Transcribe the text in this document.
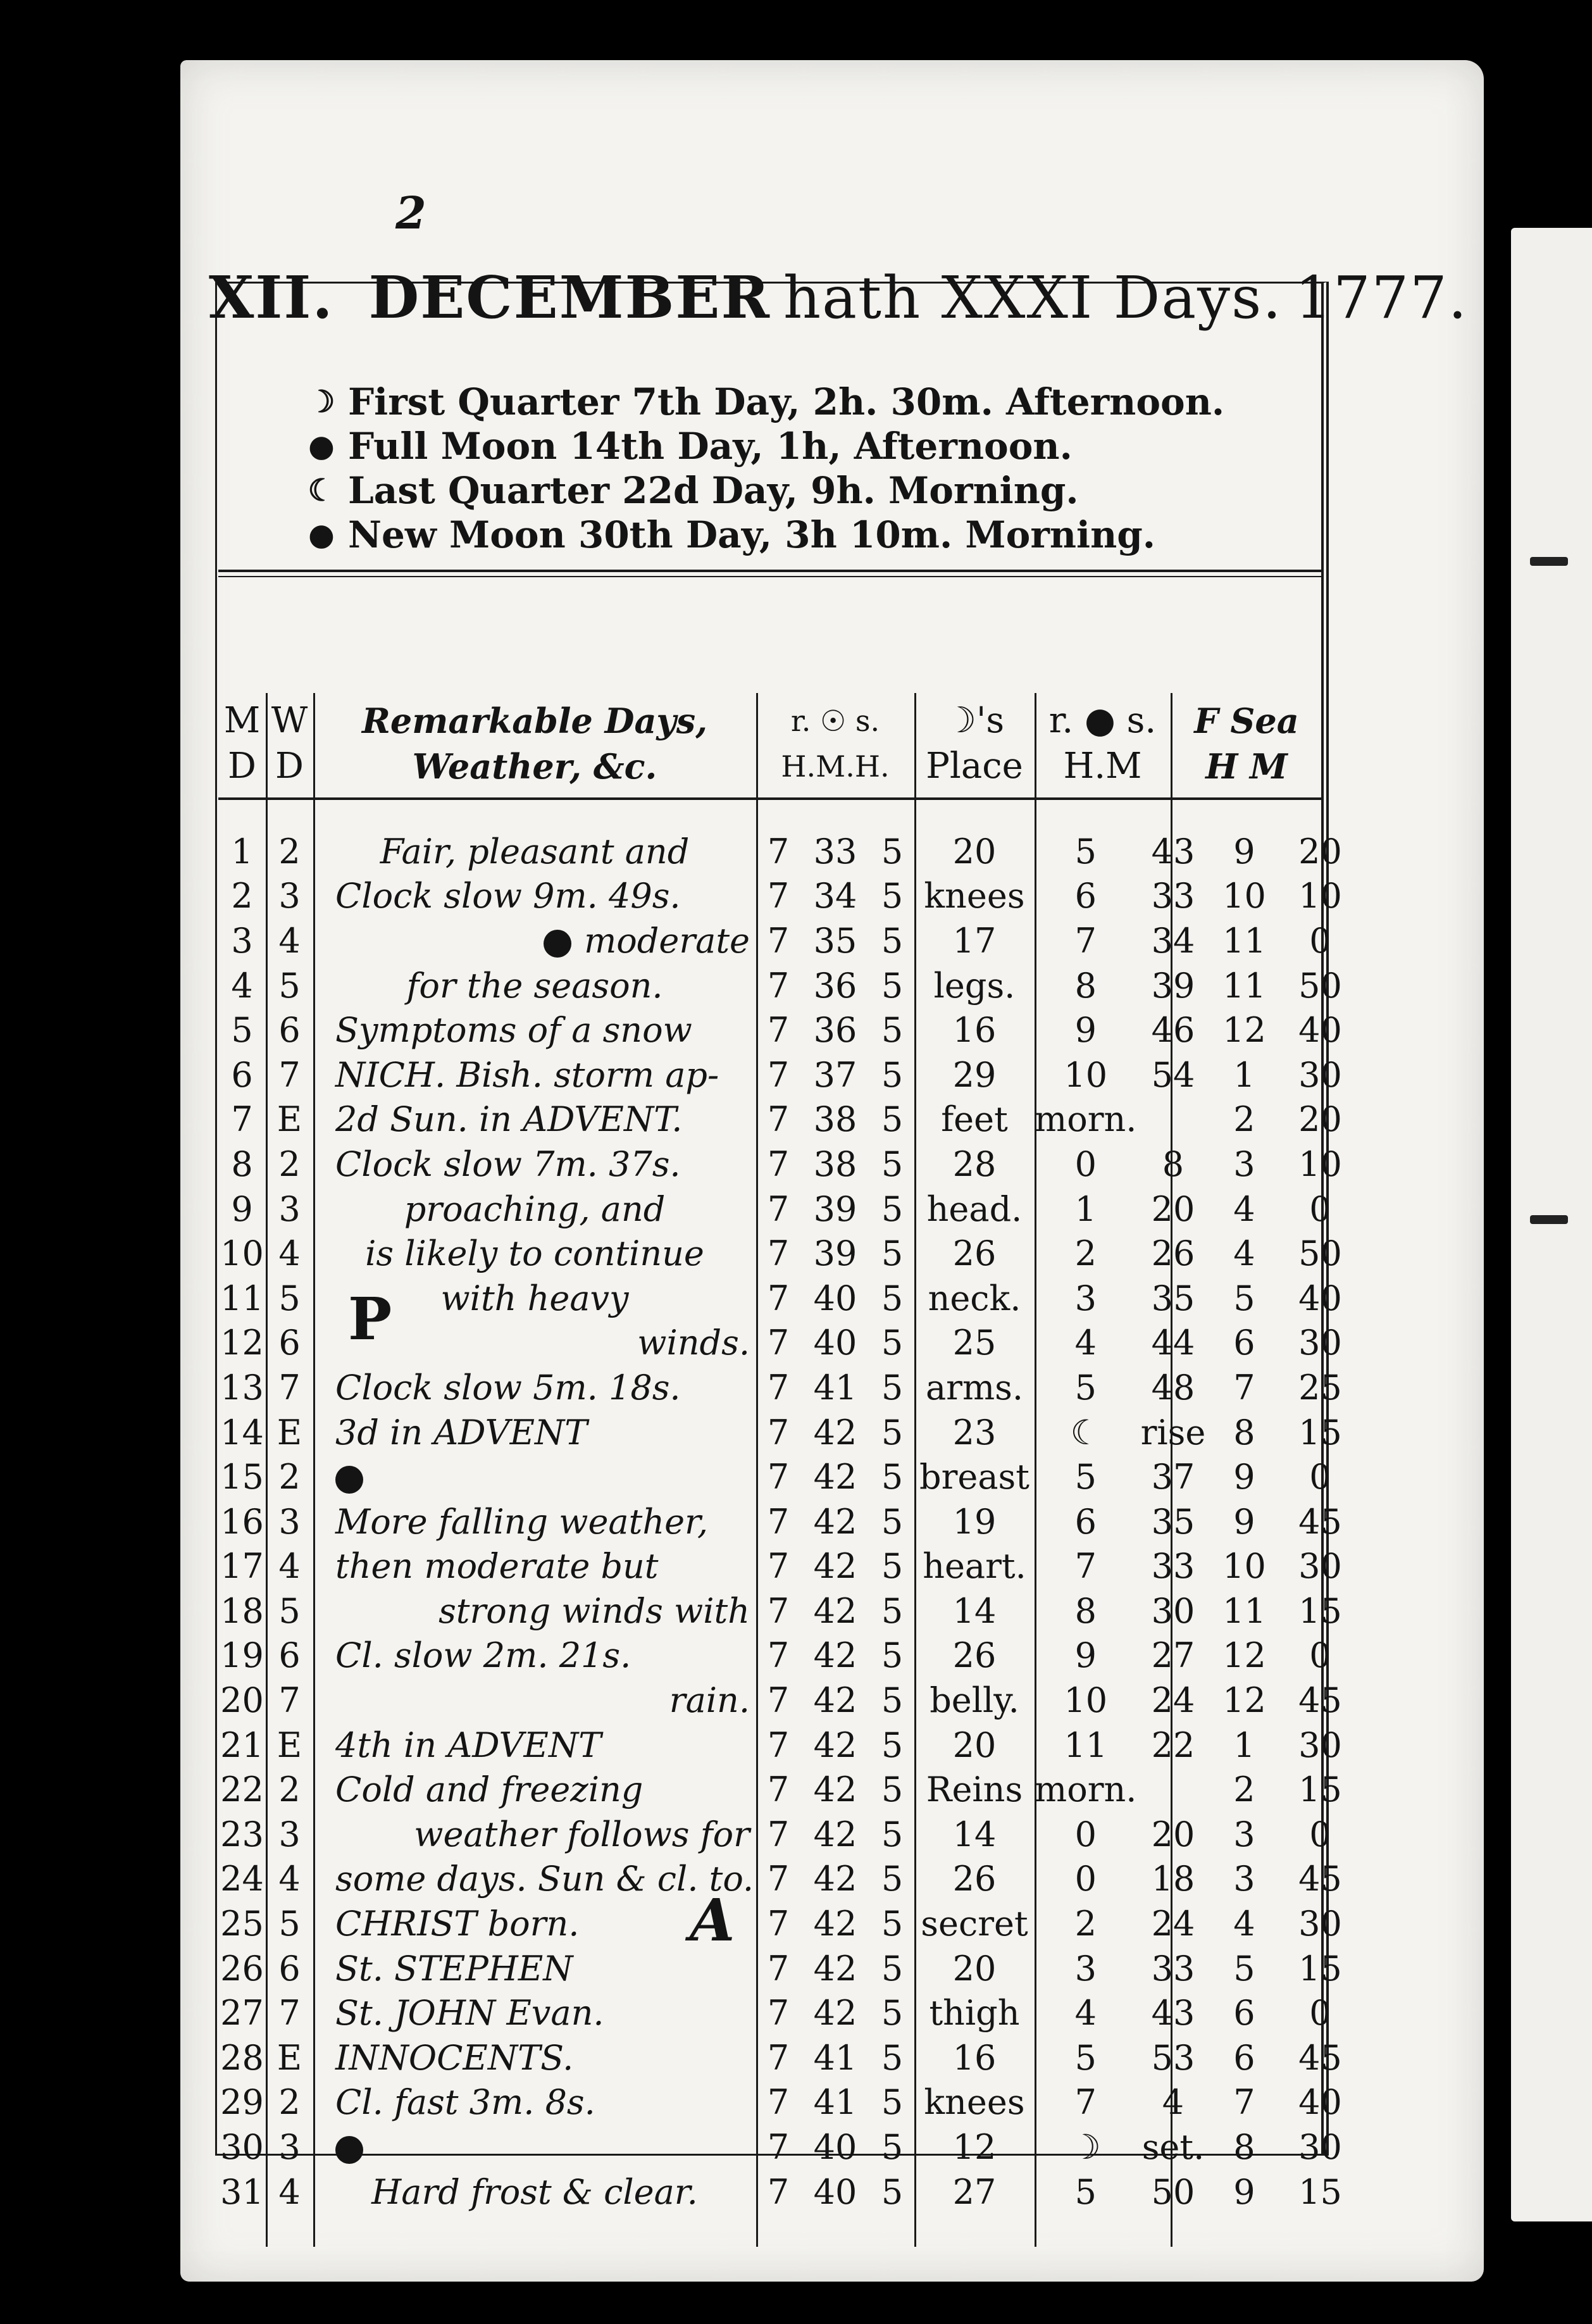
2
XII. DECEMBER hath XXXI Days. 1777.
☽ First Quarter 7th Day, 2h. 30m. Afternoon.
● Full Moon 14th Day, 1h, Afternoon.
☾ Last Quarter 22d Day, 9h. Morning.
● New Moon 30th Day, 3h 10m. Morning.
M
D
W
D
Remarkable Days,
Weather, &c.
r. ☉ s.
H.M.H.
☽'s
Place
r. ● s.
H.M
F Sea
H M
1	2	Fair, pleasant and	7	33	5	20	5	43	9	20
2	3	Clock slow 9m. 49s.	7	34	5	knees	6	33	10	10
3	4	moderate	7	35	5	17	7	34	11	0
4	5	for the season.	7	36	5	legs.	8	39	11	50
5	6	Symptoms of a snow	7	36	5	16	9	46	12	40
6	7	NICH. Bish. storm ap-	7	37	5	29	10	54	1	30
7	E	2d Sun. in ADVENT.	7	38	5	feet	morn.		2	20
8	2	Clock slow 7m. 37s.	7	38	5	28	0	8	3	10
9	3	proaching, and	7	39	5	head.	1	20	4	0
10	4	is likely to continue	7	39	5	26	2	26	4	50
11	5	with heavy	7	40	5	neck.	3	35	5	40
12	6	winds.	7	40	5	25	4	44	6	30
13	7	Clock slow 5m. 18s.	7	41	5	arms.	5	48	7	25
14	E	3d in ADVENT	7	42	5	23	☾	rise	8	15
15	2		7	42	5	breast	5	37	9	0
16	3	More falling weather,	7	42	5	19	6	35	9	45
17	4	then moderate but	7	42	5	heart.	7	33	10	30
18	5	strong winds with	7	42	5	14	8	30	11	15
19	6	Cl. slow 2m. 21s.	7	42	5	26	9	27	12	0
20	7	rain.	7	42	5	belly.	10	24	12	45
21	E	4th in ADVENT	7	42	5	20	11	22	1	30
22	2	Cold and freezing	7	42	5	Reins	morn.		2	15
23	3	weather follows for	7	42	5	14	0	20	3	0
24	4	some days. Sun & cl. to.	7	42	5	26	0	18	3	45
25	5	CHRIST born.	7	42	5	secret	2	24	4	30
26	6	St. STEPHEN	7	42	5	20	3	33	5	15
27	7	St. JOHN Evan.	7	42	5	thigh	4	43	6	0
28	E	INNOCENTS.	7	41	5	16	5	53	6	45
29	2	Cl. fast 3m. 8s.	7	41	5	knees	7	4	7	40
30	3		7	40	5	12	☽	set.	8	30
31	4	Hard frost & clear.	7	40	5	27	5	50	9	15
P
A
